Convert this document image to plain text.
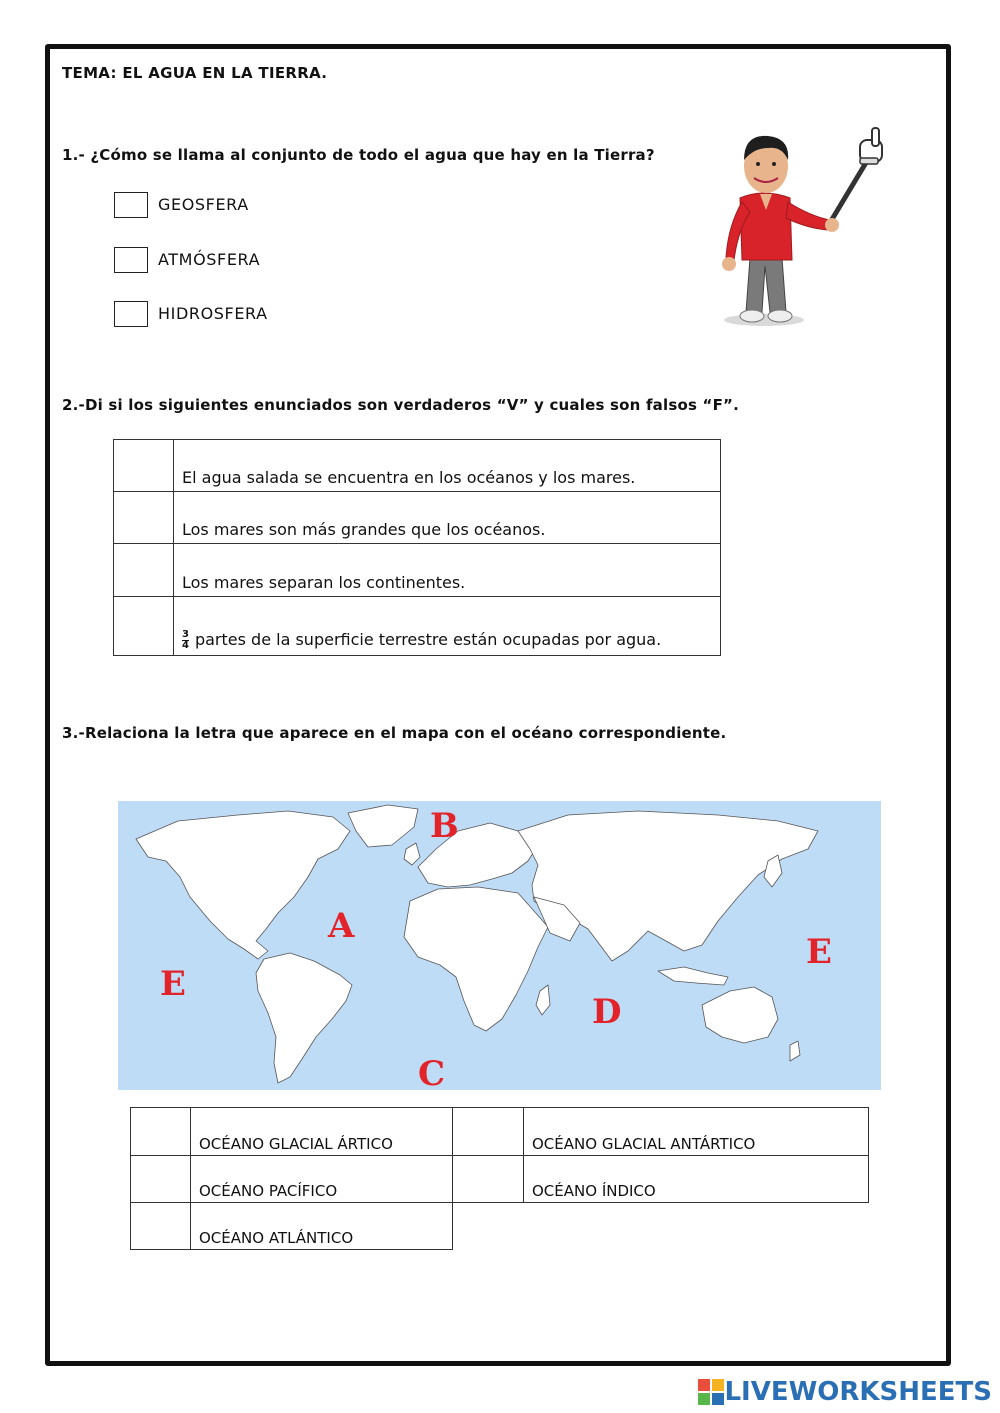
TEMA: EL AGUA EN LA TIERRA.
1.- ¿Cómo se llama al conjunto de todo el agua que hay en la Tierra?
GEOSFERA
ATMÓSFERA
HIDROSFERA
2.-Di si los siguientes enunciados son verdaderos “V” y cuales son falsos “F”.
	El agua salada se encuentra en los océanos y los mares.
	Los mares son más grandes que los océanos.
	Los mares separan los continentes.

	$\frac{3}{4}$ partes de la superficie terrestre están ocupadas por agua.
3.-Relaciona la letra que aparece en el mapa con el océano correspondiente.
B
A
E
D
E
C
	OCÉANO GLACIAL ÁRTICO		OCÉANO GLACIAL ANTÁRTICO
	OCÉANO PACÍFICO		OCÉANO ÍNDICO
	OCÉANO ATLÁNTICO		
LIVEWORKSHEETS
